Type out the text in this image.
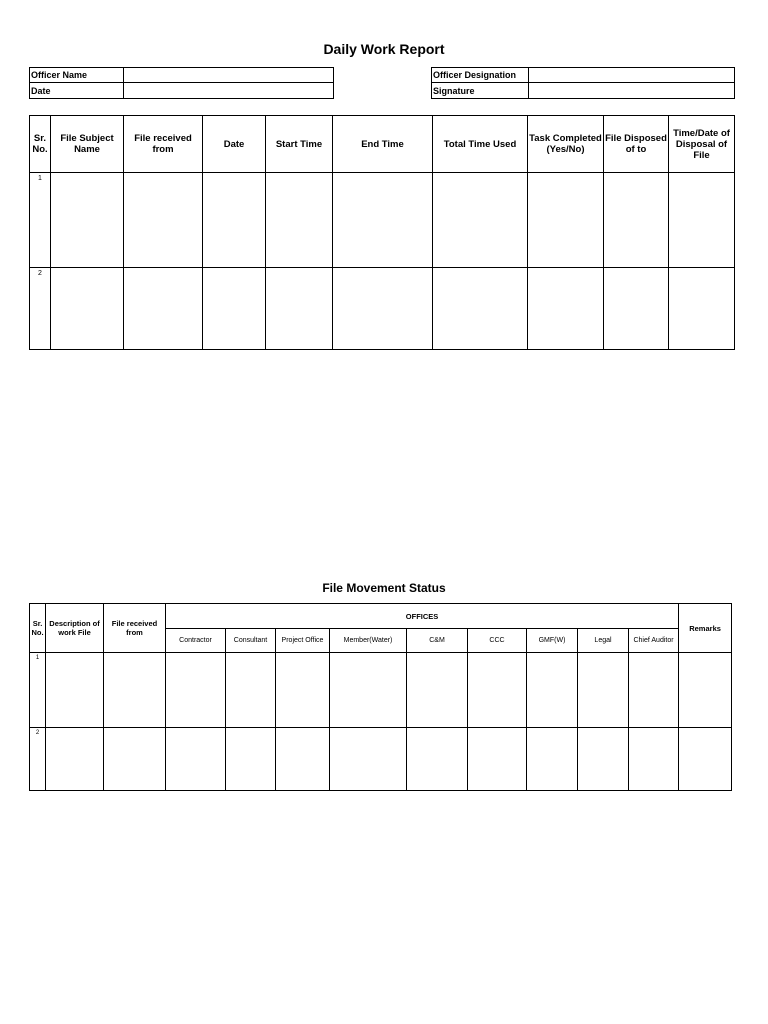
Daily Work Report
Officer Name	
Date	
Officer Designation	
Signature	
Sr. No.	File Subject Name	File received from	Date	Start Time	End Time	Total Time Used	Task Completed (Yes/No)	File Disposed of to	Time/Date of Disposal of File
1									
2									
File Movement Status
Sr. No.	Description of work File	File received from	OFFICES									Remarks
			Contractor	Consultant	Project Office	Member(Water)	C&M	CCC	GMF(W)	Legal	Chief Auditor	
1												
2												
